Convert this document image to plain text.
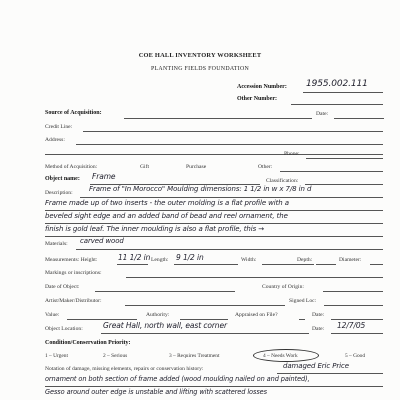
COE HALL INVENTORY WORKSHEET
PLANTING FIELDS FOUNDATION
Accession Number: 1955.002.111
Other Number:
Source of Acquisition:	Date:
Credit Line:
Address:
Phone:
Method of Acquisition:	Gift	Purchase	Other:
Object name: Frame	Classification:
Description: Frame of "In Morocco" Moulding dimensions: 1 1/2 in w x 7/8 in d
Frame made up of two inserts - the outer molding is a flat profile with a
beveled sight edge and an added band of bead and reel ornament, the
finish is gold leaf. The inner moulding is also a flat profile, this →
Materials: carved wood
Measurements: Height:	11 1/2 in Length: 9 1/2 in	Width:	Depth:	Diameter:
Markings or inscriptions:
Date of Object:	Country of Origin:
Artist/Maker/Distributor:	Signed Loc:
Value:	Authority:	Appraised on File?	Date:
Object Location:	Great Hall, north wall, east corner	Date: 12/7/05
Condition/Conservation Priority:
1 – Urgent	2 – Serious	3 – Requires Treatment	4 – Needs Work	5 – Good
Notation of damage, missing elements, repairs or conservation history:	damaged Eric Price
ornament on both section of frame added (wood moulding nailed on and painted),
Gesso around outer edge is unstable and lifting with scattered losses
